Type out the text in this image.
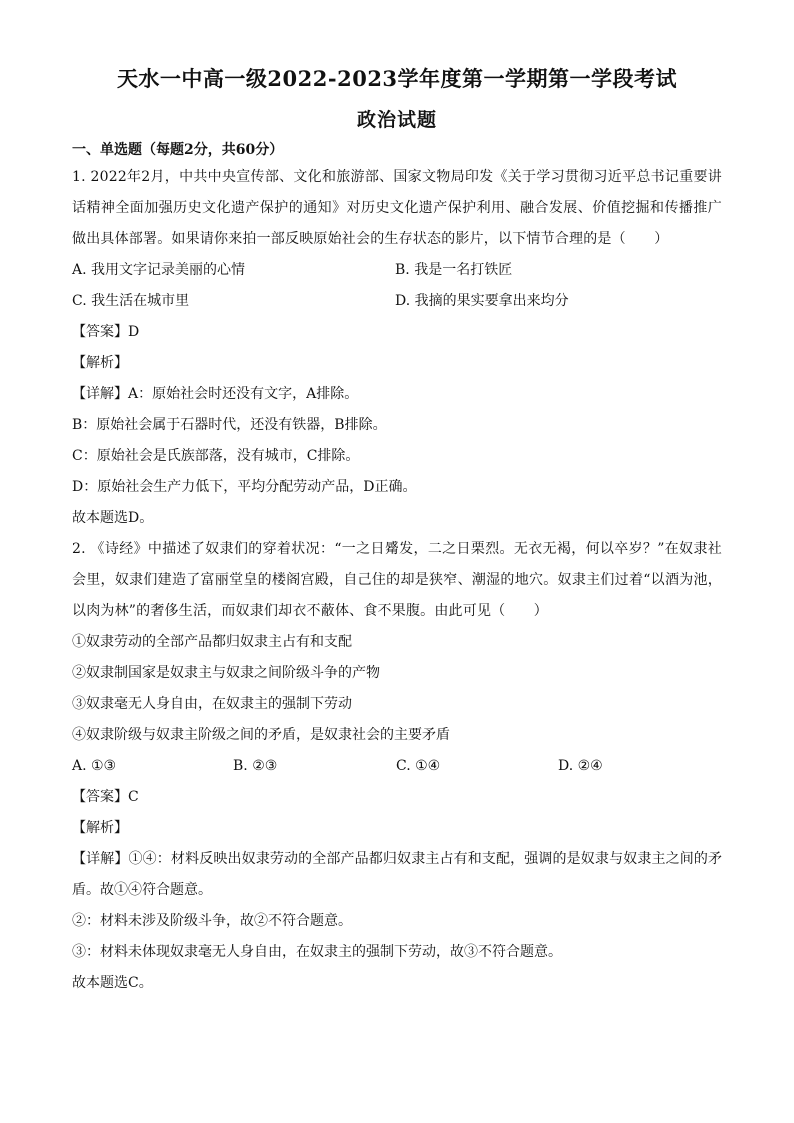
天水一中高一级2022-2023学年度第一学期第一学段考试
政治试题
一、单选题（每题2分，共60分）

1. 2022年2月，中共中央宣传部、文化和旅游部、国家文物局印发《关于学习贯彻习近平总书记重要讲话精神全面加强历史文化遗产保护的通知》对历史文化遗产保护利用、融合发展、价值挖掘和传播推广做出具体部署。如果请你来拍一部反映原始社会的生存状态的影片，以下情节合理的是（　　）

A. 我用文字记录美丽的心情	B. 我是一名打铁匠
C. 我生活在城市里	D. 我摘的果实要拿出来均分

【答案】D

【解析】

【详解】A：原始社会时还没有文字，A排除。

B：原始社会属于石器时代，还没有铁器，B排除。

C：原始社会是氏族部落，没有城市，C排除。

D：原始社会生产力低下，平均分配劳动产品，D正确。

故本题选D。

2. 《诗经》中描述了奴隶们的穿着状况：“一之日觱发，二之日栗烈。无衣无褐，何以卒岁？”在奴隶社会里，奴隶们建造了富丽堂皇的楼阁宫殿，自己住的却是狭窄、潮湿的地穴。奴隶主们过着“以酒为池，以肉为林”的奢侈生活，而奴隶们却衣不蔽体、食不果腹。由此可见（　　）

①奴隶劳动的全部产品都归奴隶主占有和支配

②奴隶制国家是奴隶主与奴隶之间阶级斗争的产物

③奴隶毫无人身自由，在奴隶主的强制下劳动

④奴隶阶级与奴隶主阶级之间的矛盾，是奴隶社会的主要矛盾

A. ①③	B. ②③	C. ①④	D. ②④

【答案】C

【解析】

【详解】①④：材料反映出奴隶劳动的全部产品都归奴隶主占有和支配，强调的是奴隶与奴隶主之间的矛盾。故①④符合题意。

②：材料未涉及阶级斗争，故②不符合题意。

③：材料未体现奴隶毫无人身自由，在奴隶主的强制下劳动，故③不符合题意。

故本题选C。
